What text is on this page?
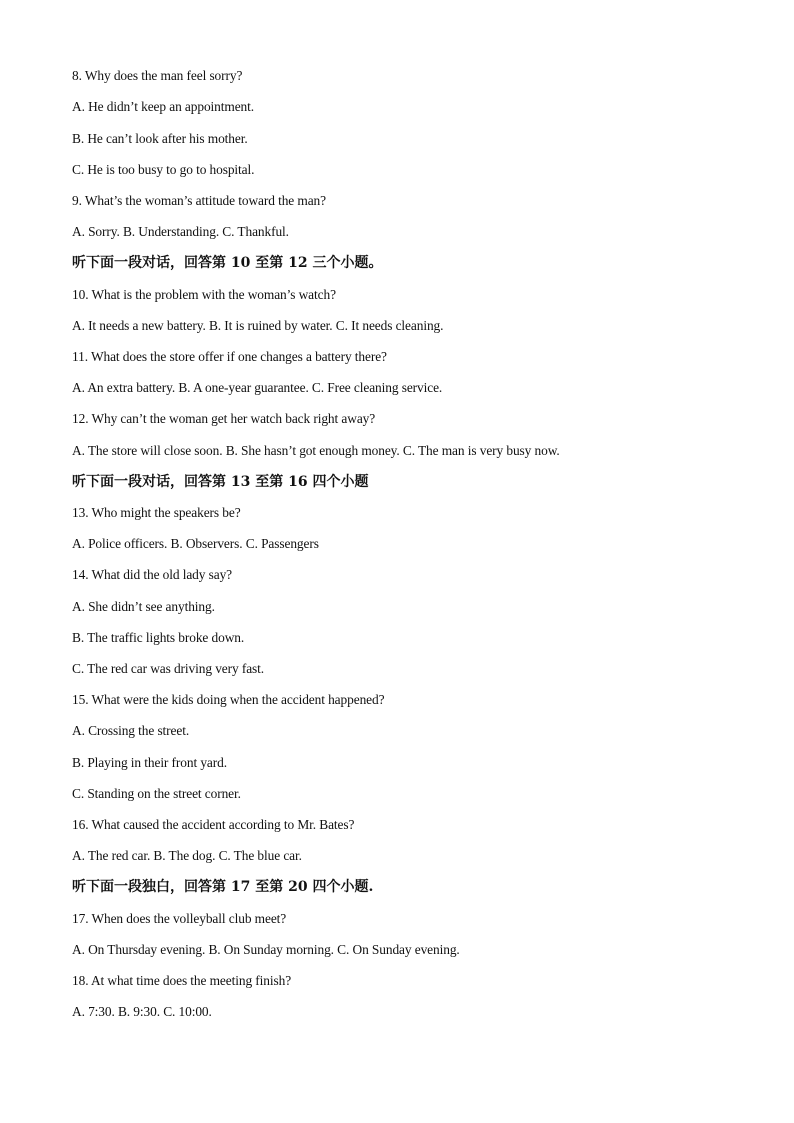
8. Why does the man feel sorry?
A. He didn’t keep an appointment.
B. He can’t look after his mother.
C. He is too busy to go to hospital.
9. What’s the woman’s attitude toward the man?
A. Sorry. B. Understanding. C. Thankful.
听下面一段对话，回答第 10 至第 12 三个小题。
10. What is the problem with the woman’s watch?
A. It needs a new battery. B. It is ruined by water. C. It needs cleaning.
11. What does the store offer if one changes a battery there?
A. An extra battery. B. A one-year guarantee. C. Free cleaning service.
12. Why can’t the woman get her watch back right away?
A. The store will close soon. B. She hasn’t got enough money. C. The man is very busy now.
听下面一段对话，回答第 13 至第 16 四个小题
13. Who might the speakers be?
A. Police officers. B. Observers. C. Passengers
14. What did the old lady say?
A. She didn’t see anything.
B. The traffic lights broke down.
C. The red car was driving very fast.
15. What were the kids doing when the accident happened?
A. Crossing the street.
B. Playing in their front yard.
C. Standing on the street corner.
16. What caused the accident according to Mr. Bates?
A. The red car. B. The dog. C. The blue car.
听下面一段独白，回答第 17 至第 20 四个小题.
17. When does the volleyball club meet?
A. On Thursday evening. B. On Sunday morning. C. On Sunday evening.
18. At what time does the meeting finish?
A. 7:30. B. 9:30. C. 10:00.
